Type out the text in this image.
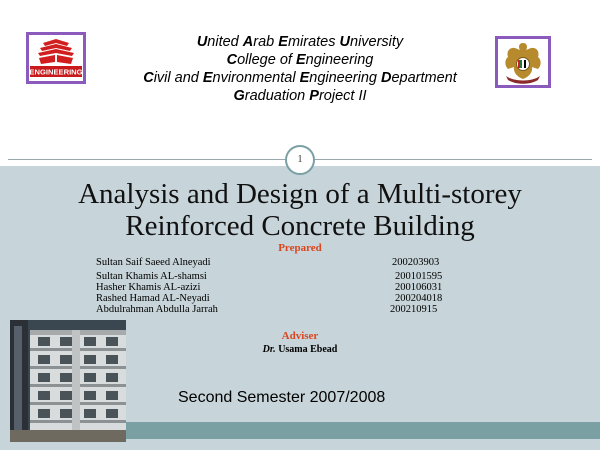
ENGINEERING
United Arab Emirates University
College of Engineering
Civil and Environmental Engineering Department
Graduation Project II
1
Analysis and Design of a Multi-storey
Reinforced Concrete Building
Prepared
Sultan Saif Saeed Alneyadi	200203903
Sultan Khamis AL-shamsi	200101595
Hasher Khamis AL-azizi	200106031
Rashed Hamad AL-Neyadi	200204018
Abdulrahman Abdulla Jarrah	200210915
Adviser
Dr. Usama Ebead
Second Semester 2007/2008
